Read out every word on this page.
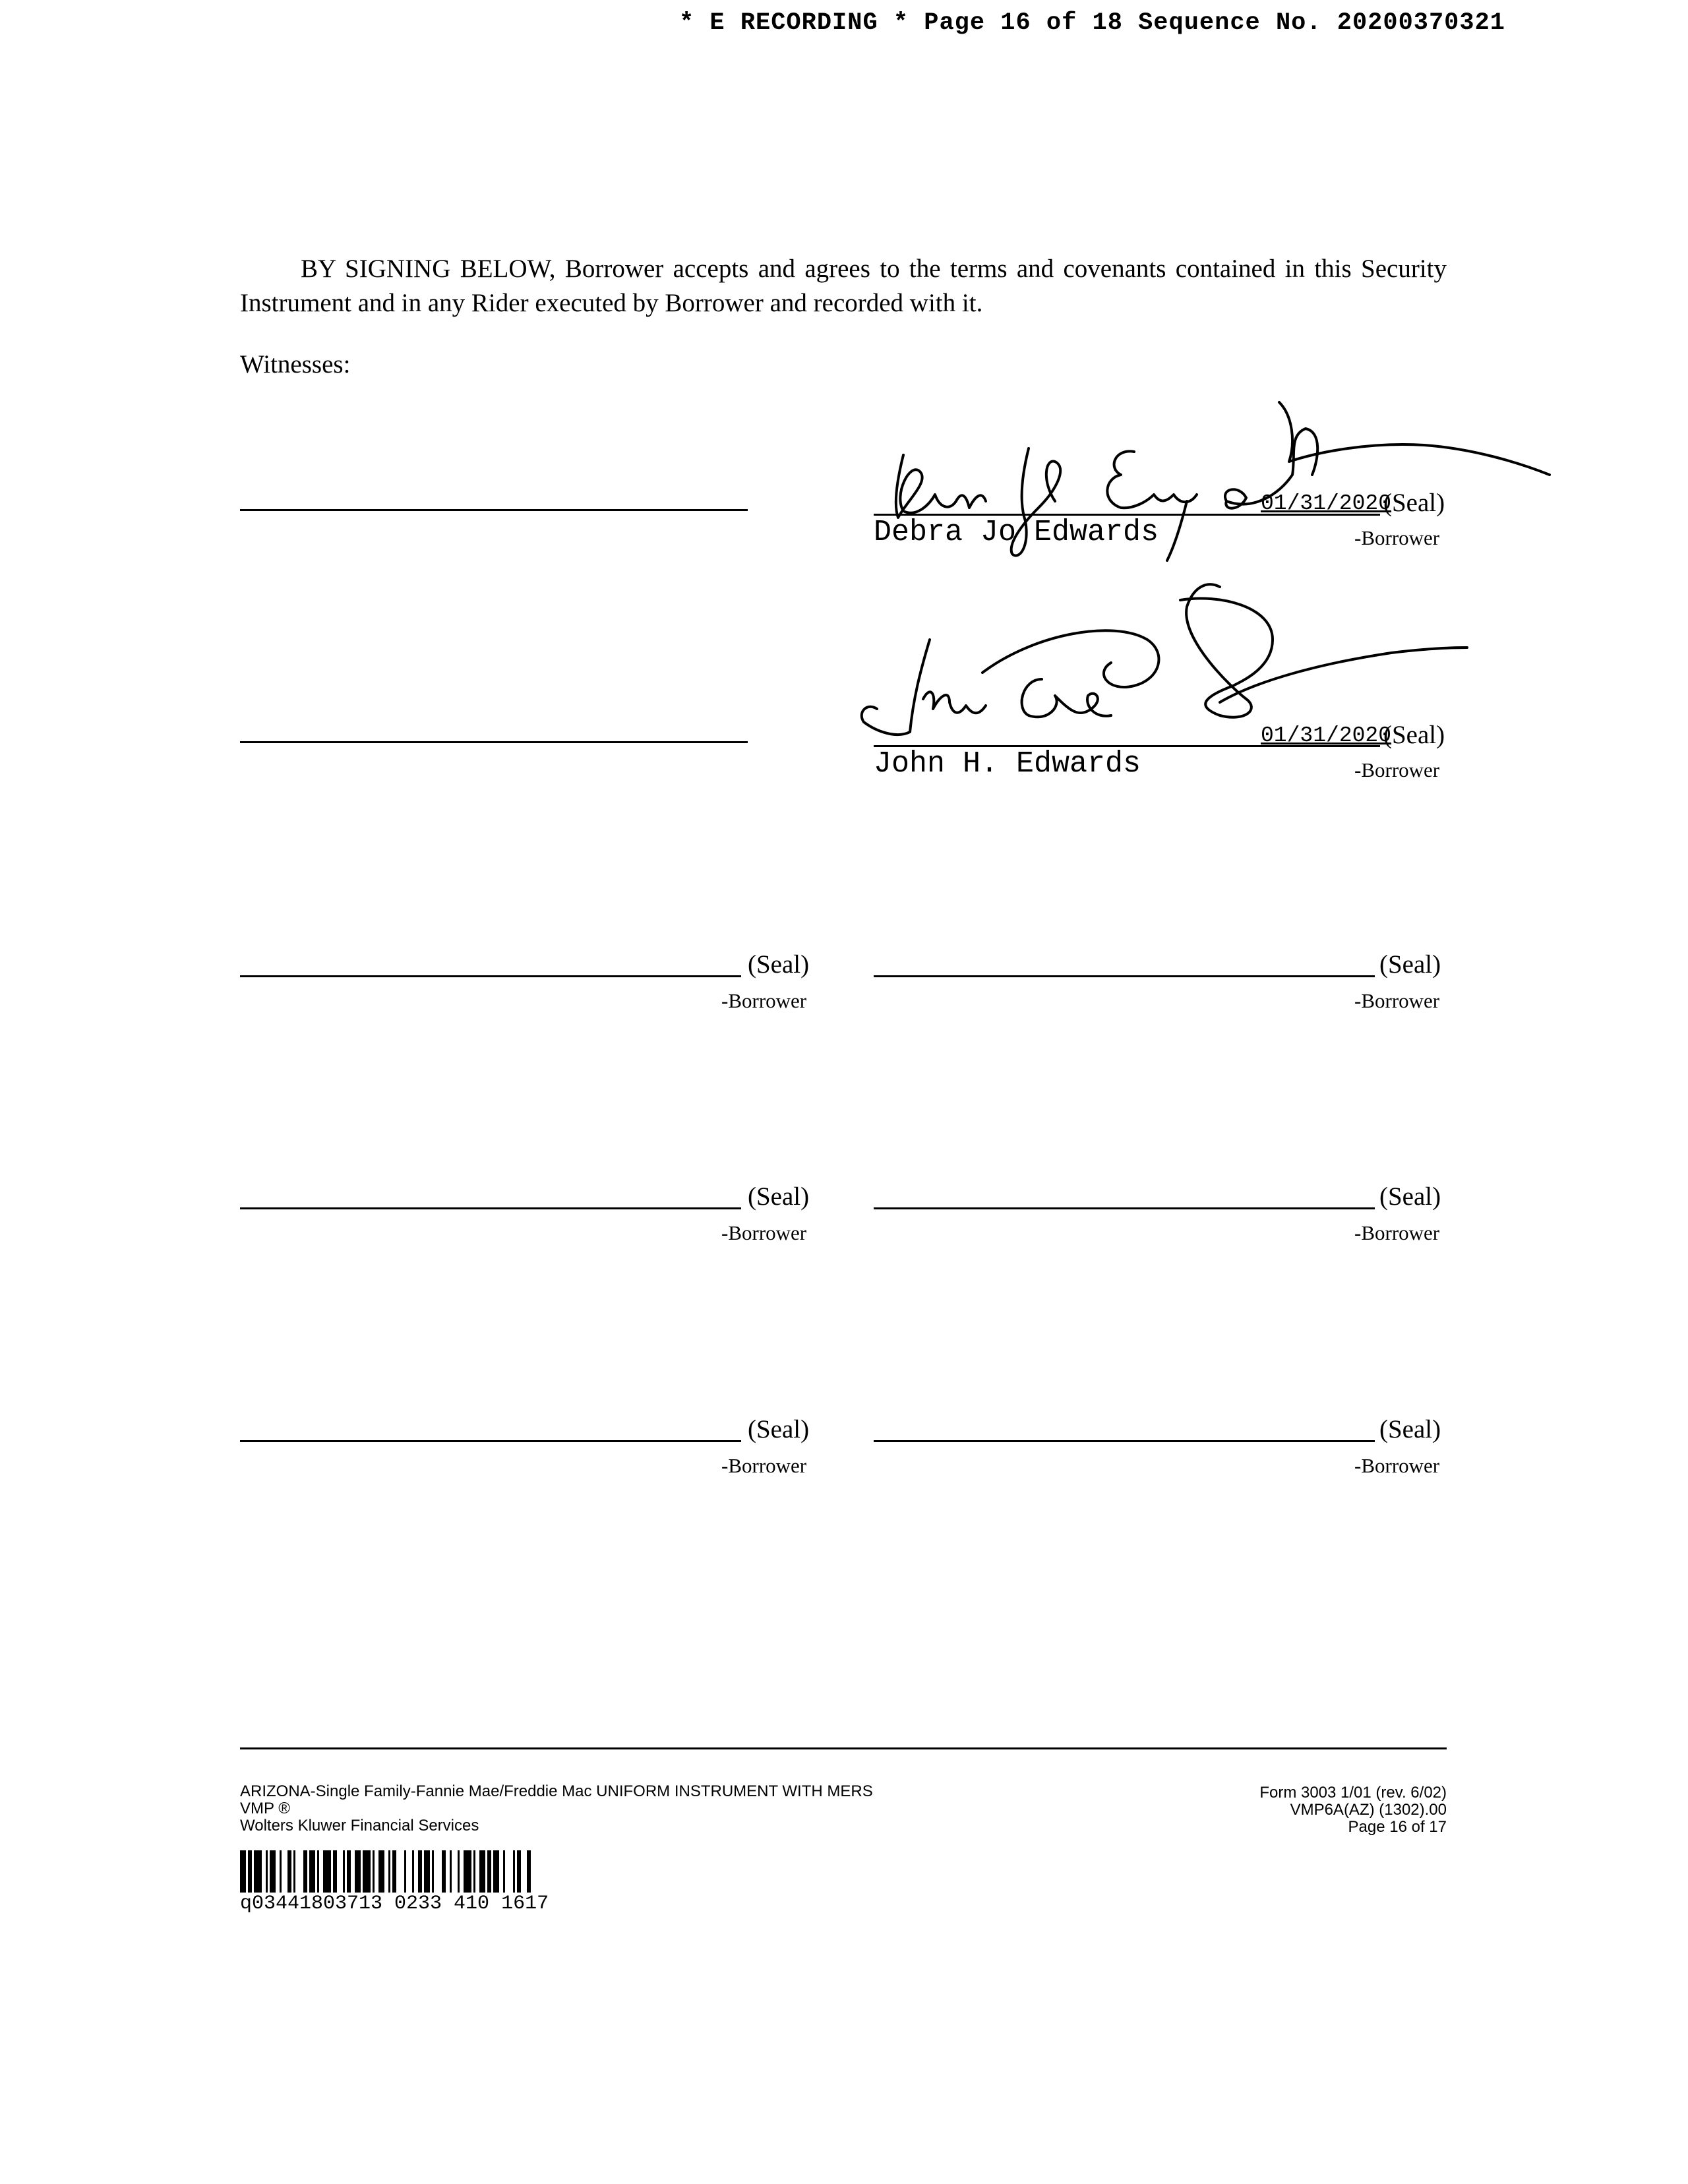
* E RECORDING * Page 16 of 18 Sequence No. 20200370321
BY SIGNING BELOW, Borrower accepts and agrees to the terms and covenants contained in this Security Instrument and in any Rider executed by Borrower and recorded with it.
Witnesses:
01/31/2020
(Seal)
Debra Jo Edwards	-Borrower
01/31/2020
(Seal)
John H. Edwards	-Borrower
(Seal)
-Borrower
(Seal)
-Borrower
(Seal)
-Borrower
(Seal)
-Borrower
(Seal)
-Borrower
(Seal)
-Borrower
ARIZONA-Single Family-Fannie Mae/Freddie Mac UNIFORM INSTRUMENT WITH MERS
VMP ®
Wolters Kluwer Financial Services
Form 3003 1/01 (rev. 6/02)
VMP6A(AZ) (1302).00
Page 16 of 17
q03441803713 0233 410 1617
